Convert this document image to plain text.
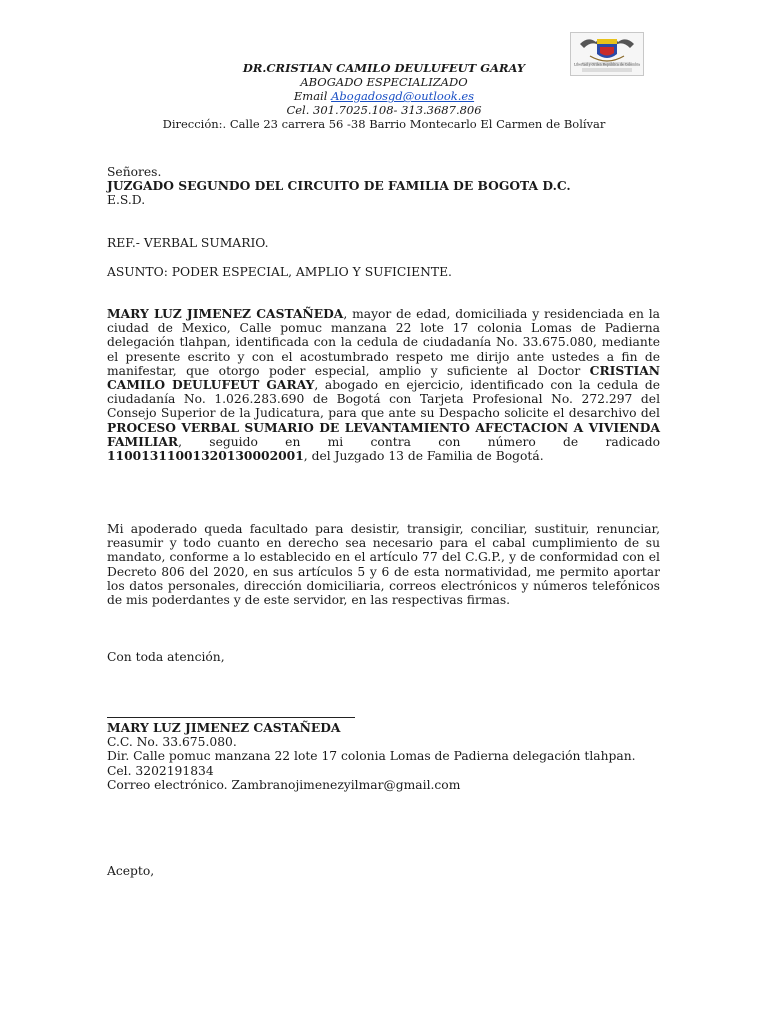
DR.CRISTIAN CAMILO DEULUFEUT GARAY
ABOGADO ESPECIALIZADO
Email Abogadosgd@outlook.es
Cel. 301.7025.108- 313.3687.806
Dirección:. Calle 23 carrera 56 -38 Barrio Montecarlo El Carmen de Bolívar
Libertad y Orden República de Colombia

Señores.

JUZGADO SEGUNDO DEL CIRCUITO DE FAMILIA DE BOGOTA D.C.

E.S.D.

REF.- VERBAL SUMARIO.
ASUNTO: PODER ESPECIAL, AMPLIO Y SUFICIENTE.

MARY LUZ JIMENEZ CASTAÑEDA, mayor de edad, domiciliada y residenciada en la ciudad de Mexico, Calle pomuc manzana 22 lote 17 colonia Lomas de Padierna delegación tlahpan, identificada con la cedula de ciudadanía No. 33.675.080, mediante el presente escrito y con el acostumbrado respeto me dirijo ante ustedes a fin de manifestar, que otorgo poder especial, amplio y suficiente al Doctor CRISTIAN CAMILO DEULUFEUT GARAY, abogado en ejercicio, identificado con la cedula de ciudadanía No. 1.026.283.690 de Bogotá con Tarjeta Profesional No. 272.297 del Consejo Superior de la Judicatura, para que ante su Despacho solicite el desarchivo del PROCESO VERBAL SUMARIO DE LEVANTAMIENTO AFECTACION A VIVIENDA FAMILIAR, seguido en mi contra con número de radicado 11001311001320130002001, del Juzgado 13 de Familia de Bogotá.

Mi apoderado queda facultado para desistir, transigir, conciliar, sustituir, renunciar, reasumir y todo cuanto en derecho sea necesario para el cabal cumplimiento de su mandato, conforme a lo establecido en el artículo 77 del C.G.P., y de conformidad con el Decreto 806 del 2020, en sus artículos 5 y 6 de esta normatividad, me permito aportar los datos personales, dirección domiciliaria, correos electrónicos y números telefónicos de mis poderdantes y de este servidor, en las respectivas firmas.
Con toda atención,

MARY LUZ JIMENEZ CASTAÑEDA

C.C. No. 33.675.080.

Dir. Calle pomuc manzana 22 lote 17 colonia Lomas de Padierna delegación tlahpan.

Cel. 3202191834

Correo electrónico. Zambranojimenezyilmar@gmail.com

Acepto,
